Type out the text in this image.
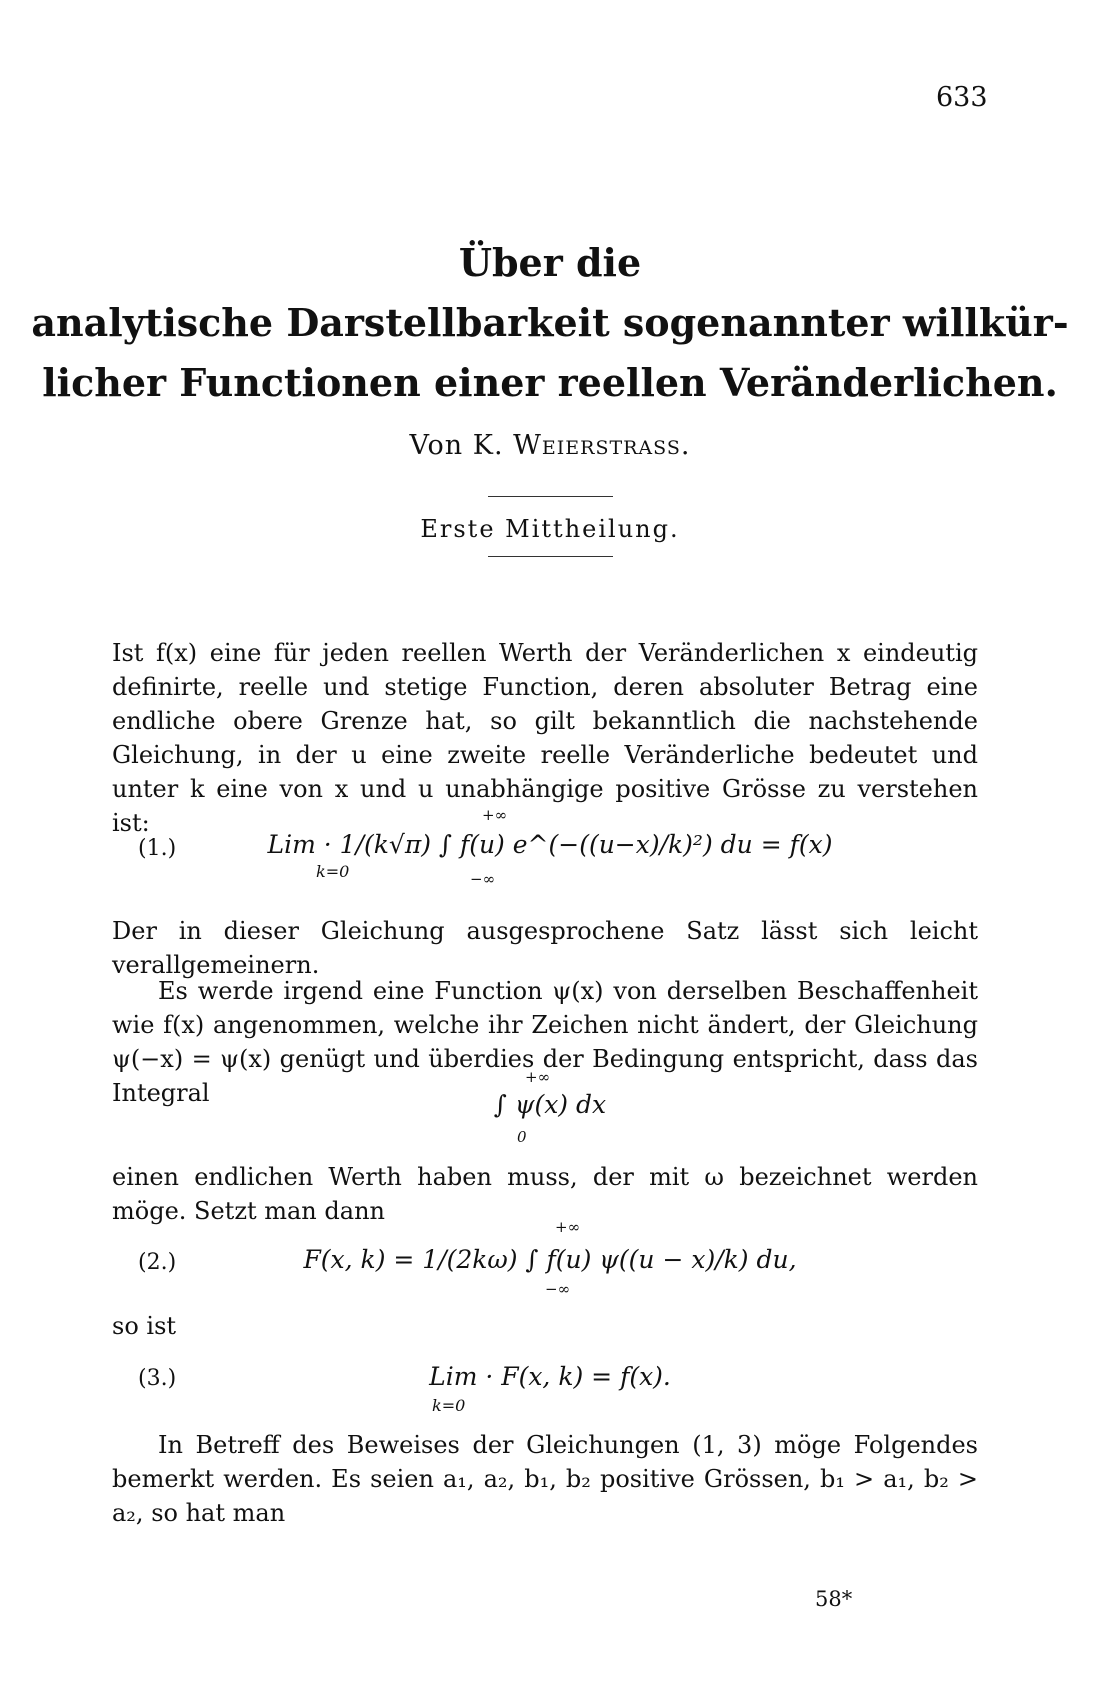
633
Über die
analytische Darstellbarkeit sogenannter willkür-
licher Functionen einer reellen Veränderlichen.
Von K. Weierstrass.
Erste Mittheilung.
Ist f(x) eine für jeden reellen Werth der Veränderlichen x eindeutig definirte, reelle und stetige Function, deren absoluter Betrag eine endliche obere Grenze hat, so gilt bekanntlich die nachstehende Gleichung, in der u eine zweite reelle Veränderliche bedeutet und unter k eine von x und u unabhängige positive Grösse zu verstehen ist:
(1.)	Lim · 1/(k√π) ∫ f(u) e^(−((u−x)/k)²) du = f(x)
k=0
+∞
−∞
Der in dieser Gleichung ausgesprochene Satz lässt sich leicht verallgemeinern.
Es werde irgend eine Function ψ(x) von derselben Beschaffenheit wie f(x) angenommen, welche ihr Zeichen nicht ändert, der Gleichung ψ(−x) = ψ(x) genügt und überdies der Bedingung entspricht, dass das Integral	∫ ψ(x) dx
+∞
0
einen endlichen Werth haben muss, der mit ω bezeichnet werden möge. Setzt man dann
(2.)	F(x, k) = 1/(2kω) ∫ f(u) ψ((u − x)/k) du,
+∞
−∞
so ist
(3.)	Lim · F(x, k) = f(x).
k=0
In Betreff des Beweises der Gleichungen (1, 3) möge Folgendes bemerkt werden. Es seien a₁, a₂, b₁, b₂ positive Grössen, b₁ > a₁, b₂ > a₂, so hat man
58*
